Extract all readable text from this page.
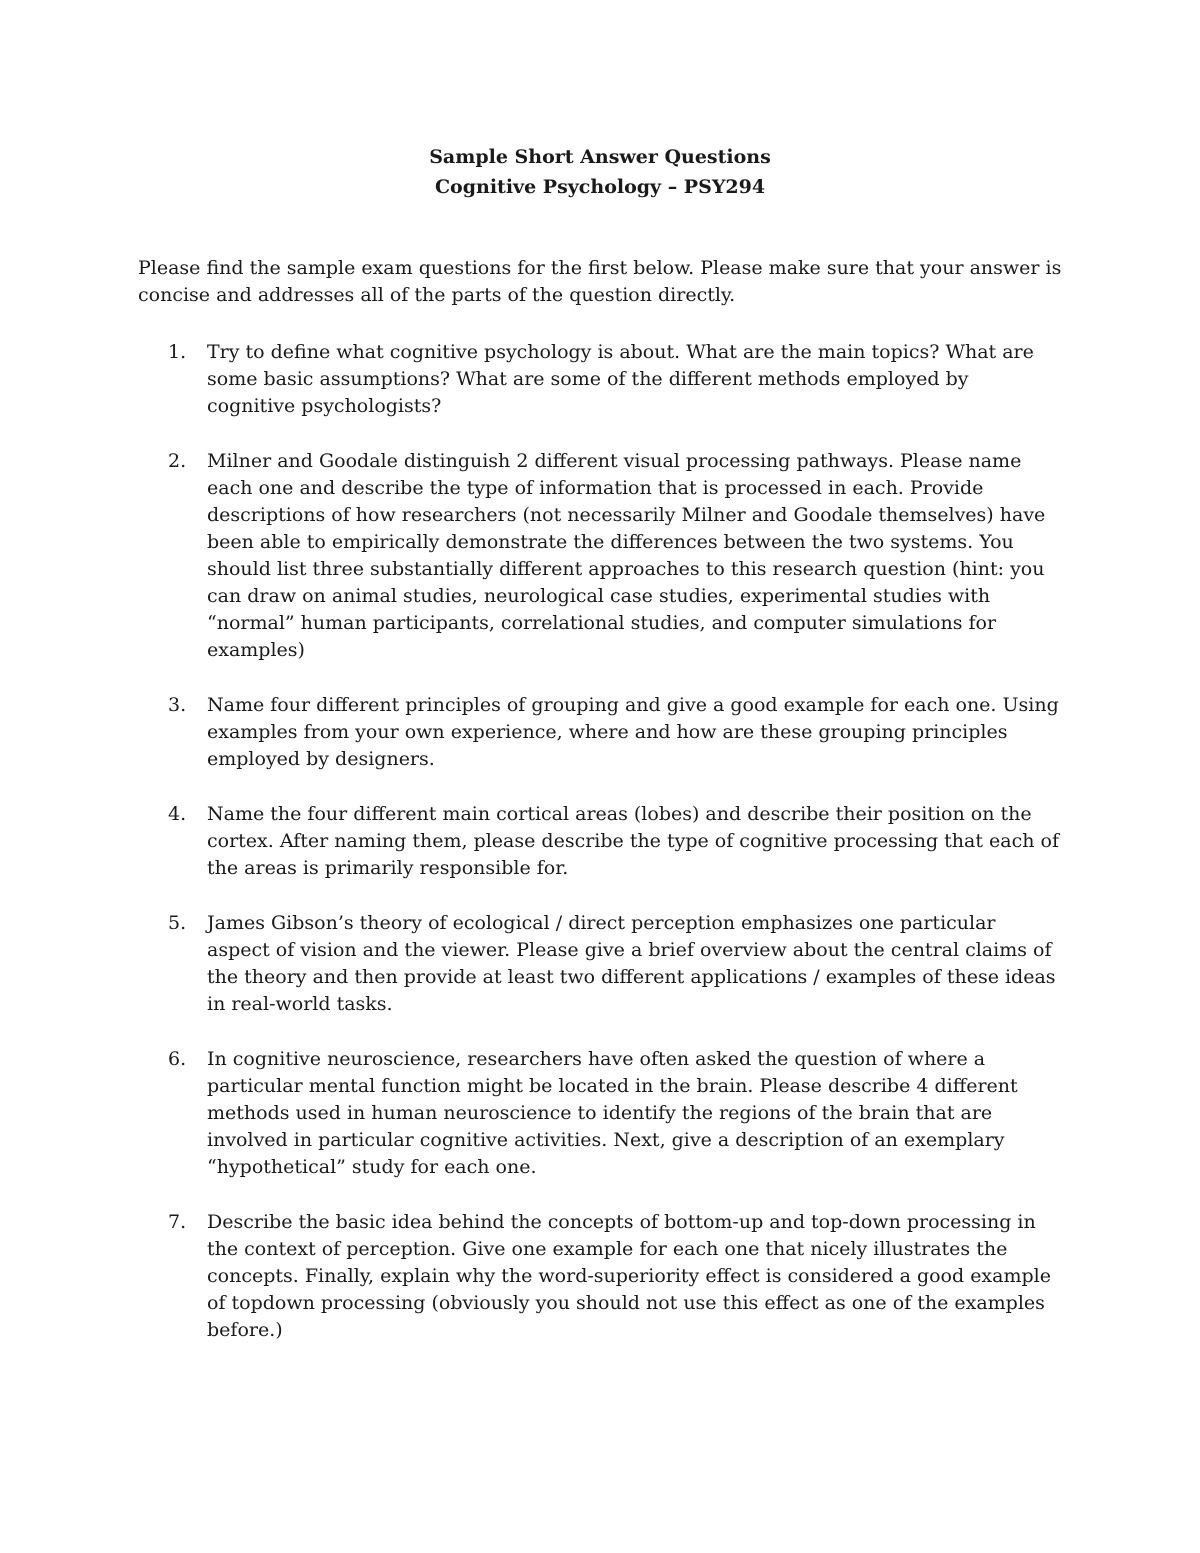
Sample Short Answer Questions
Cognitive Psychology – PSY294
Please find the sample exam questions for the first below. Please make sure that your answer is concise and addresses all of the parts of the question directly.
1.	Try to define what cognitive psychology is about. What are the main topics? What are some basic assumptions? What are some of the different methods employed by cognitive psychologists?
2.	Milner and Goodale distinguish 2 different visual processing pathways. Please name each one and describe the type of information that is processed in each. Provide descriptions of how researchers (not necessarily Milner and Goodale themselves) have been able to empirically demonstrate the differences between the two systems. You should list three substantially different approaches to this research question (hint: you can draw on animal studies, neurological case studies, experimental studies with “normal” human participants, correlational studies, and computer simulations for examples)
3.	Name four different principles of grouping and give a good example for each one. Using examples from your own experience, where and how are these grouping principles employed by designers.
4.	Name the four different main cortical areas (lobes) and describe their position on the cortex. After naming them, please describe the type of cognitive processing that each of the areas is primarily responsible for.
5.	James Gibson’s theory of ecological / direct perception emphasizes one particular aspect of vision and the viewer. Please give a brief overview about the central claims of the theory and then provide at least two different applications / examples of these ideas in real-world tasks.
6.	In cognitive neuroscience, researchers have often asked the question of where a particular mental function might be located in the brain. Please describe 4 different methods used in human neuroscience to identify the regions of the brain that are involved in particular cognitive activities. Next, give a description of an exemplary “hypothetical” study for each one.
7.	Describe the basic idea behind the concepts of bottom-up and top-down processing in the context of perception. Give one example for each one that nicely illustrates the concepts. Finally, explain why the word-superiority effect is considered a good example of topdown processing (obviously you should not use this effect as one of the examples before.)
